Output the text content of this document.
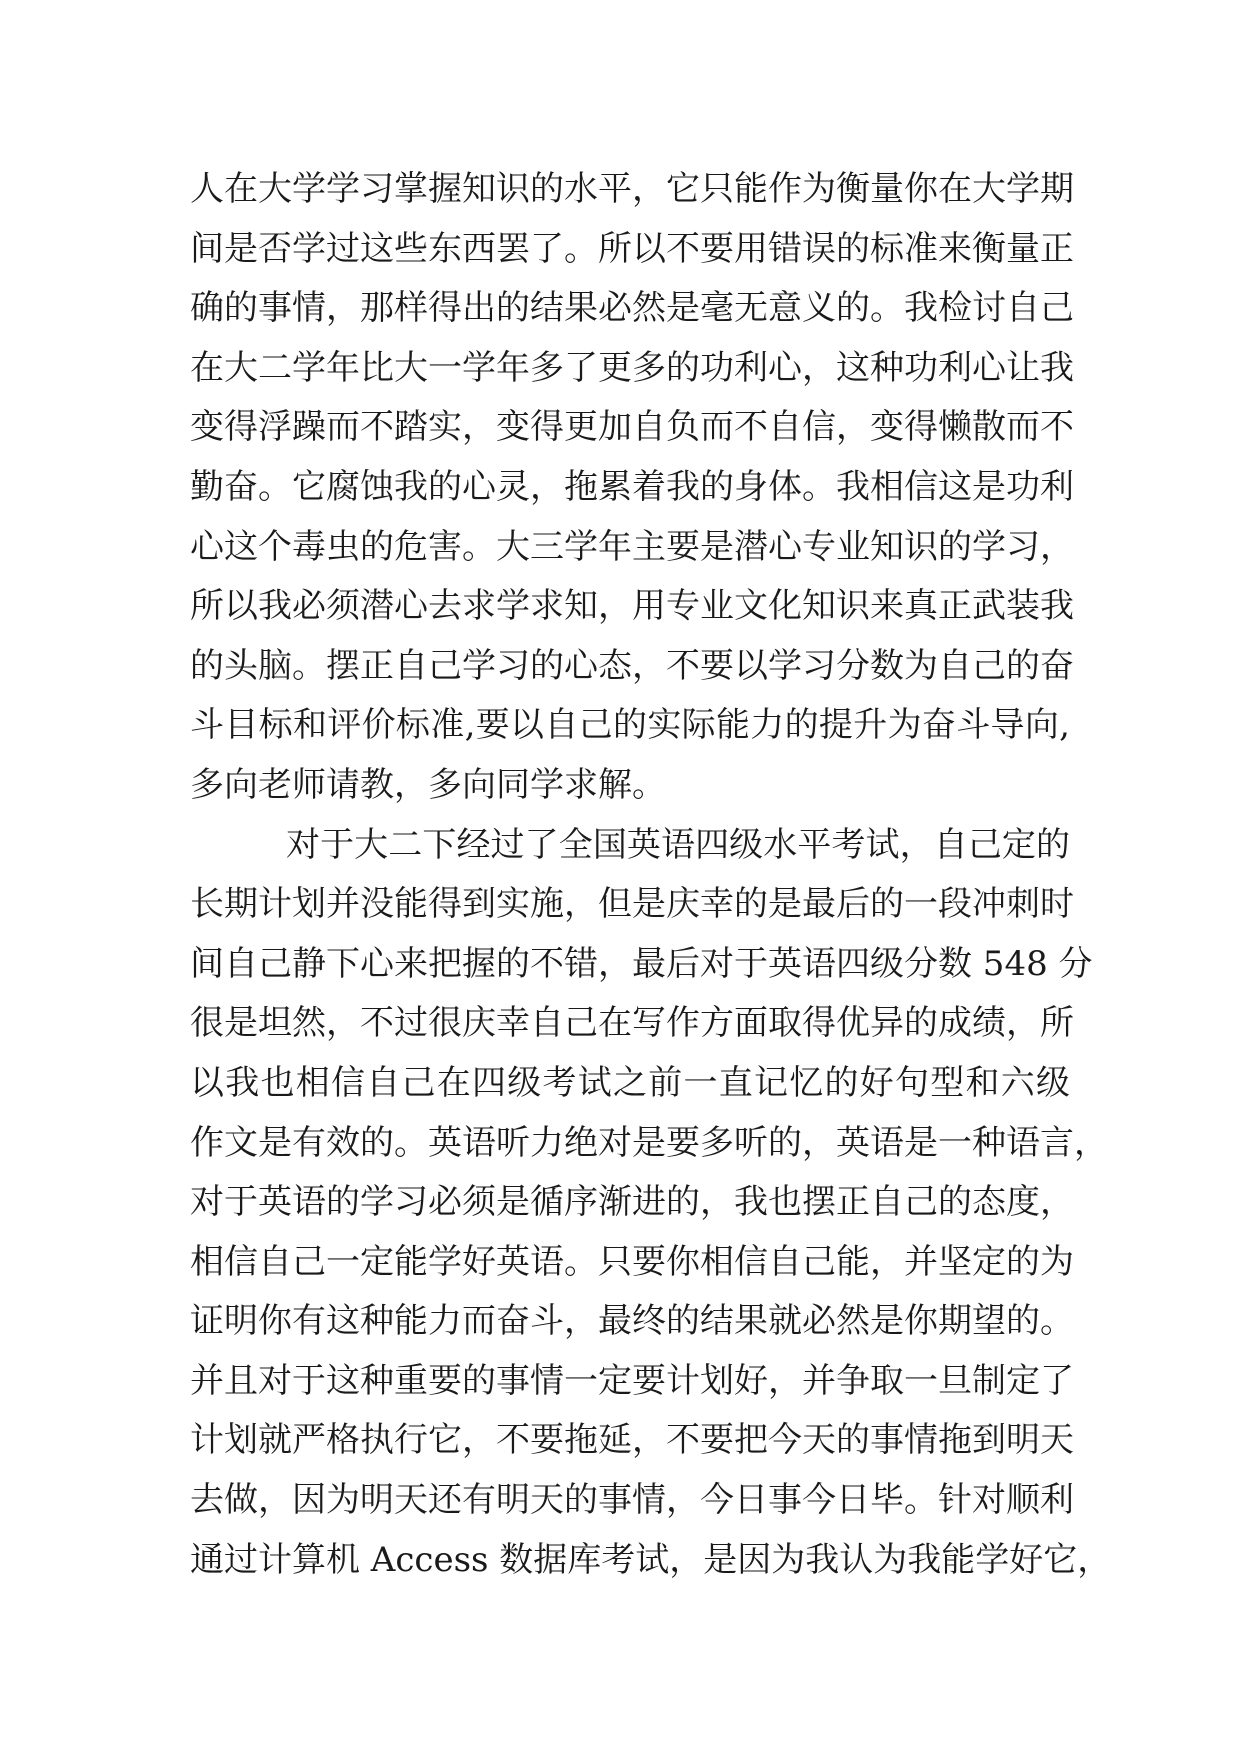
人在大学学习掌握知识的水平，它只能作为衡量你在大学期
间是否学过这些东西罢了。所以不要用错误的标准来衡量正
确的事情，那样得出的结果必然是毫无意义的。我检讨自己
在大二学年比大一学年多了更多的功利心，这种功利心让我
变得浮躁而不踏实，变得更加自负而不自信，变得懒散而不
勤奋。它腐蚀我的心灵，拖累着我的身体。我相信这是功利
心这个毒虫的危害。大三学年主要是潜心专业知识的学习，
所以我必须潜心去求学求知，用专业文化知识来真正武装我
的头脑。摆正自己学习的心态，不要以学习分数为自己的奋
斗目标和评价标准,要以自己的实际能力的提升为奋斗导向,
多向老师请教，多向同学求解。
对于大二下经过了全国英语四级水平考试，自己定的
长期计划并没能得到实施，但是庆幸的是最后的一段冲刺时
间自己静下心来把握的不错，最后对于英语四级分数 548 分
很是坦然，不过很庆幸自己在写作方面取得优异的成绩，所
以我也相信自己在四级考试之前一直记忆的好句型和六级
作文是有效的。英语听力绝对是要多听的，英语是一种语言，
对于英语的学习必须是循序渐进的，我也摆正自己的态度，
相信自己一定能学好英语。只要你相信自己能，并坚定的为
证明你有这种能力而奋斗，最终的结果就必然是你期望的。
并且对于这种重要的事情一定要计划好，并争取一旦制定了
计划就严格执行它，不要拖延，不要把今天的事情拖到明天
去做，因为明天还有明天的事情，今日事今日毕。针对顺利
通过计算机 Access 数据库考试，是因为我认为我能学好它，
